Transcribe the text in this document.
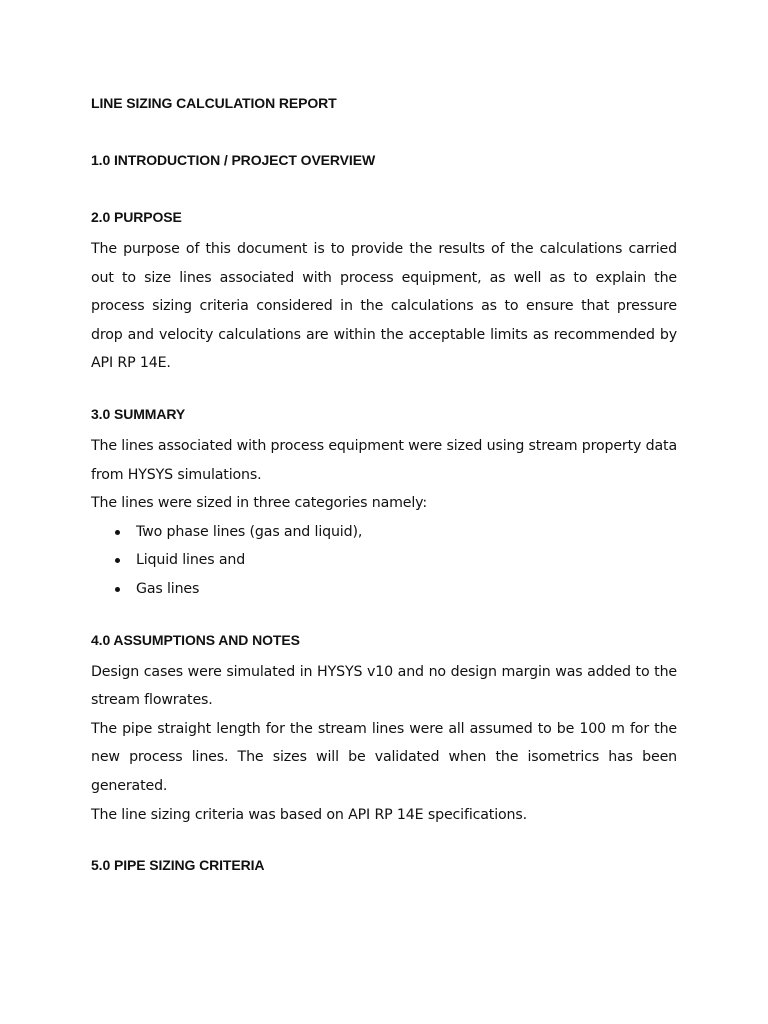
LINE SIZING CALCULATION REPORT

1.0 INTRODUCTION / PROJECT OVERVIEW

2.0 PURPOSE

The purpose of this document is to provide the results of the calculations carried out to size lines associated with process equipment, as well as to explain the process sizing criteria considered in the calculations as to ensure that pressure drop and velocity calculations are within the acceptable limits as recommended by API RP 14E.

3.0 SUMMARY

The lines associated with process equipment were sized using stream property data from HYSYS simulations.

The lines were sized in three categories namely:

Two phase lines (gas and liquid),
Liquid lines and
Gas lines

4.0 ASSUMPTIONS AND NOTES

Design cases were simulated in HYSYS v10 and no design margin was added to the stream flowrates.

The pipe straight length for the stream lines were all assumed to be 100 m for the new process lines. The sizes will be validated when the isometrics has been generated.

The line sizing criteria was based on API RP 14E specifications.

5.0 PIPE SIZING CRITERIA
